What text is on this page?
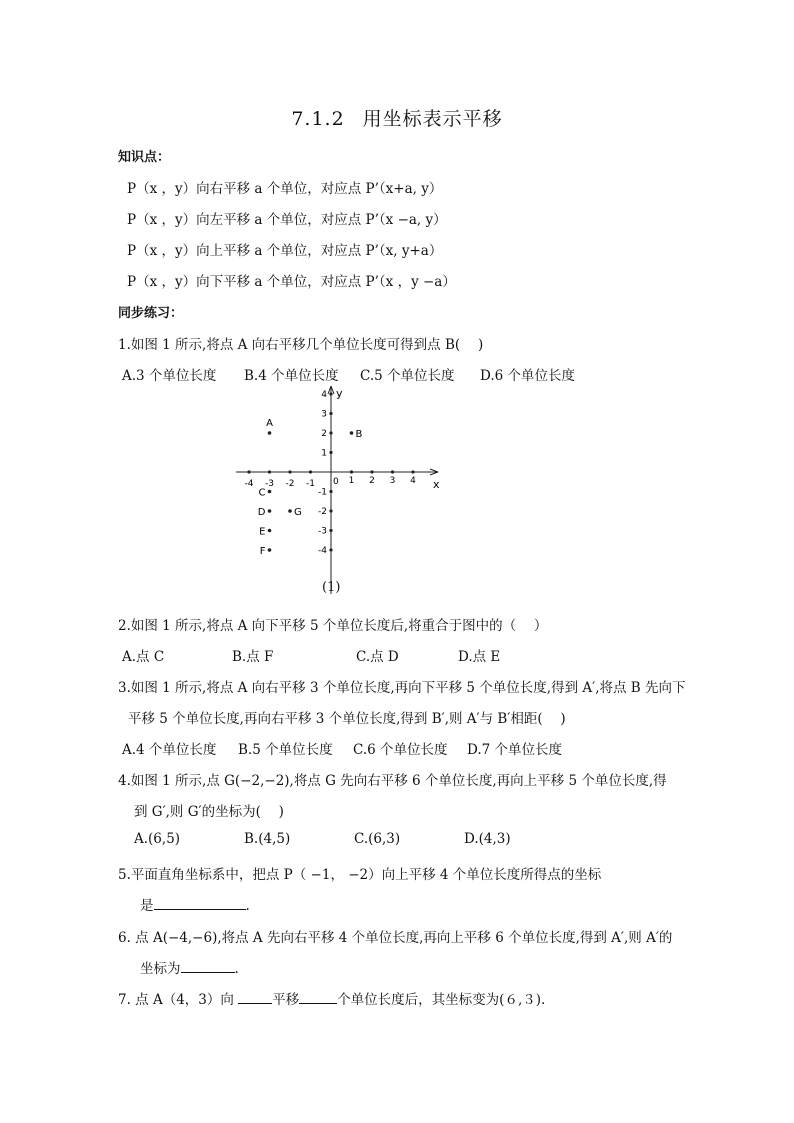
7.1.2 用坐标表示平移
知识点：
P（x ，y）向右平移 a 个单位，对应点 P’（x+a, y）
P（x ，y）向左平移 a 个单位，对应点 P’（x −a, y）
P（x ，y）向上平移 a 个单位，对应点 P’（x, y+a）
P（x ，y）向下平移 a 个单位，对应点 P’（x ，y −a）
同步练习：
1.如图 1 所示,将点 A 向右平移几个单位长度可得到点 B(　 )
A.3 个单位长度 B.4 个单位长度 C.5 个单位长度 D.6 个单位长度
x
y
0
-4 -3 -2 -1	1 2 3 4
4
3
2
1
-1
-2
-3
-4
A
B
C
D	G
E
F
(1)
2.如图 1 所示,将点 A 向下平移 5 个单位长度后,将重合于图中的（　 ）
A.点 C	B.点 F	C.点 D	D.点 E
3.如图 1 所示,将点 A 向右平移 3 个单位长度,再向下平移 5 个单位长度,得到 A′,将点 B 先向下
平移 5 个单位长度,再向右平移 3 个单位长度,得到 B′,则 A′与 B′相距(　 )
A.4 个单位长度 B.5 个单位长度 C.6 个单位长度 D.7 个单位长度
4.如图 1 所示,点 G(−2,−2),将点 G 先向右平移 6 个单位长度,再向上平移 5 个单位长度,得
到 G′,则 G′的坐标为(　 )
A.(6,5)	B.(4,5)	C.(6,3)	D.(4,3)
5.平面直角坐标系中，把点 P（ −1， −2）向上平移 4 个单位长度所得点的坐标
是	.
6. 点 A(−4,−6),将点 A 先向右平移 4 个单位长度,再向上平移 6 个单位长度,得到 A′,则 A′的
坐标为	.
7. 点 A（4，3）向	平移	个单位长度后，其坐标变为(６,３).
